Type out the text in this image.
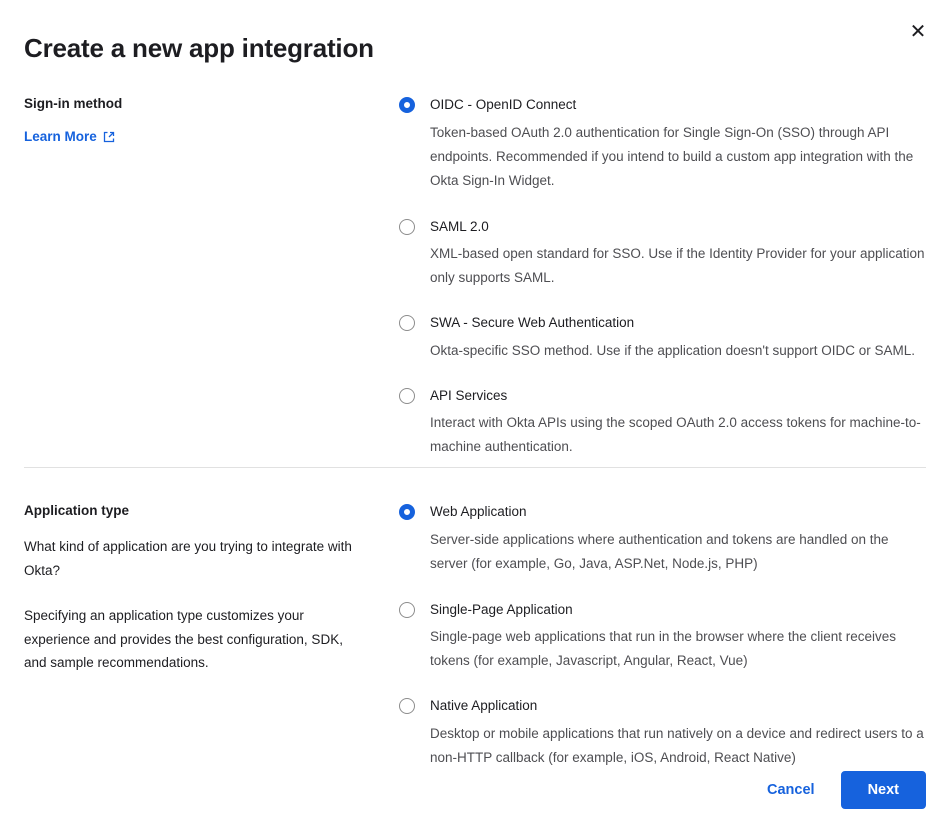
✕
Create a new app integration

Sign-in method

Learn More

OIDC - OpenID Connect

Token-based OAuth 2.0 authentication for Single Sign-On (SSO) through API endpoints. Recommended if you intend to build a custom app integration with the Okta Sign-In Widget.

SAML 2.0

XML-based open standard for SSO. Use if the Identity Provider for your application only supports SAML.

SWA - Secure Web Authentication

Okta-specific SSO method. Use if the application doesn't support OIDC or SAML.

API Services

Interact with Okta APIs using the scoped OAuth 2.0 access tokens for machine-to-machine authentication.

Application type

What kind of application are you trying to integrate with Okta?

Specifying an application type customizes your experience and provides the best configuration, SDK, and sample recommendations.

Web Application

Server-side applications where authentication and tokens are handled on the server (for example, Go, Java, ASP.Net, Node.js, PHP)

Single-Page Application

Single-page web applications that run in the browser where the client receives tokens (for example, Javascript, Angular, React, Vue)

Native Application

Desktop or mobile applications that run natively on a device and redirect users to a non-HTTP callback (for example, iOS, Android, React Native)

Cancel	Next
